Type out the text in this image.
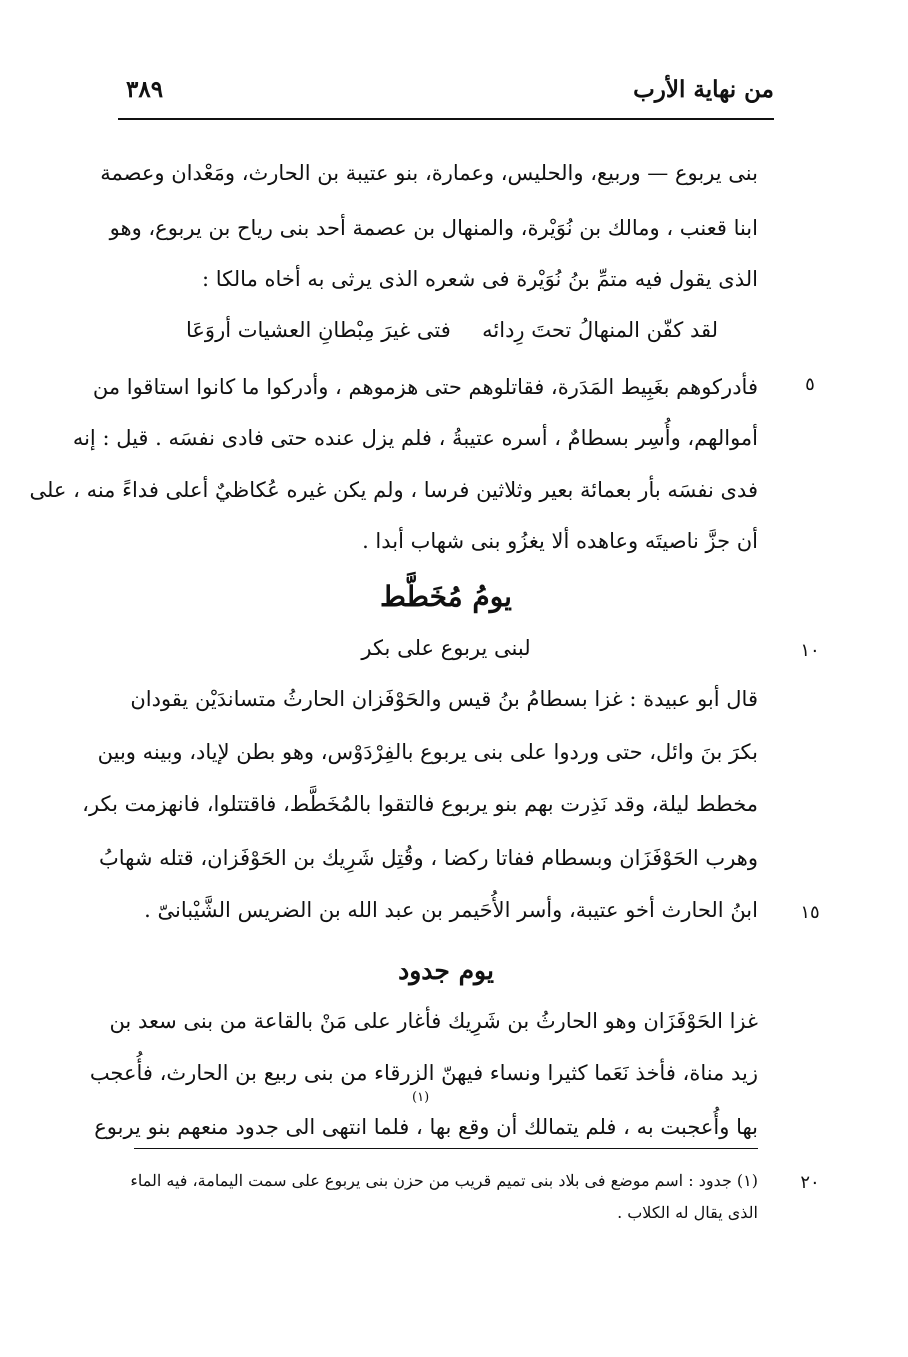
من نهاية الأرب
٣٨٩
بنى يربوع — وربيع، والحليس، وعمارة، بنو عتيبة بن الحارث، ومَعْدان وعصمة
ابنا قعنب ، ومالك بن نُوَيْرة، والمنهال بن عصمة أحد بنى رياح بن يربوع، وهو
الذى يقول فيه متمِّ بنُ نُوَيْرة فى شعره الذى يرثى به أخاه مالكا :
لقد كفّن المنهالُ تحتَ رِدائه
فتى غيرَ مِبْطانِ العشيات أروَعَا
فأدركوهم بغَبِيط المَدَرة، فقاتلوهم حتى هزموهم ، وأدركوا ما كانوا استاقوا من
أموالهم، وأُسِر بسطامٌ ، أسره عتيبةُ ، فلم يزل عنده حتى فادى نفسَه . قيل : إنه
فدى نفسَه بأر بعمائة بعير وثلاثين فرسا ، ولم يكن غيره عُكاظيٌ أعلى فداءً منه ، على
أن جزَّ ناصيتَه وعاهده ألا يغزُو بنى شهاب أبدا .
يومُ مُخَطَّط
لبنى يربوع على بكر
قال أبو عبيدة : غزا بسطامُ بنُ قيس والحَوْفَزان الحارثُ متساندَيْن يقودان
بكرَ بنَ وائل، حتى وردوا على بنى يربوع بالفِرْدَوْس، وهو بطن لإياد، وبينه وبين
مخطط ليلة، وقد نَذِرت بهم بنو يربوع فالتقوا بالمُخَطَّط، فاقتتلوا، فانهزمت بكر،
وهرب الحَوْفَزَان وبسطام ففاتا ركضا ، وقُتِل شَرِيك بن الحَوْفَزان، قتله شهابُ
ابنُ الحارث أخو عتيبة، وأسر الأُحَيمر بن عبد الله بن الضريس الشَّيْبانىّ .
يوم جدود
غزا الحَوْفَزَان وهو الحارثُ بن شَرِيك فأغار على مَنْ بالقاعة من بنى سعد بن
زيد مناة، فأخذ نَعَما كثيرا ونساء فيهنّ الزرقاء من بنى ربيع بن الحارث، فأُعجب
(١)
بها وأُعجبت به ، فلم يتمالك أن وقع بها ، فلما انتهى الى جدود منعهم بنو يربوع
٥
١٠
١٥
٢٠
(١) جدود : اسم موضع فى بلاد بنى تميم قريب من حزن بنى يربوع على سمت اليمامة، فيه الماء
الذى يقال له الكلاب .
